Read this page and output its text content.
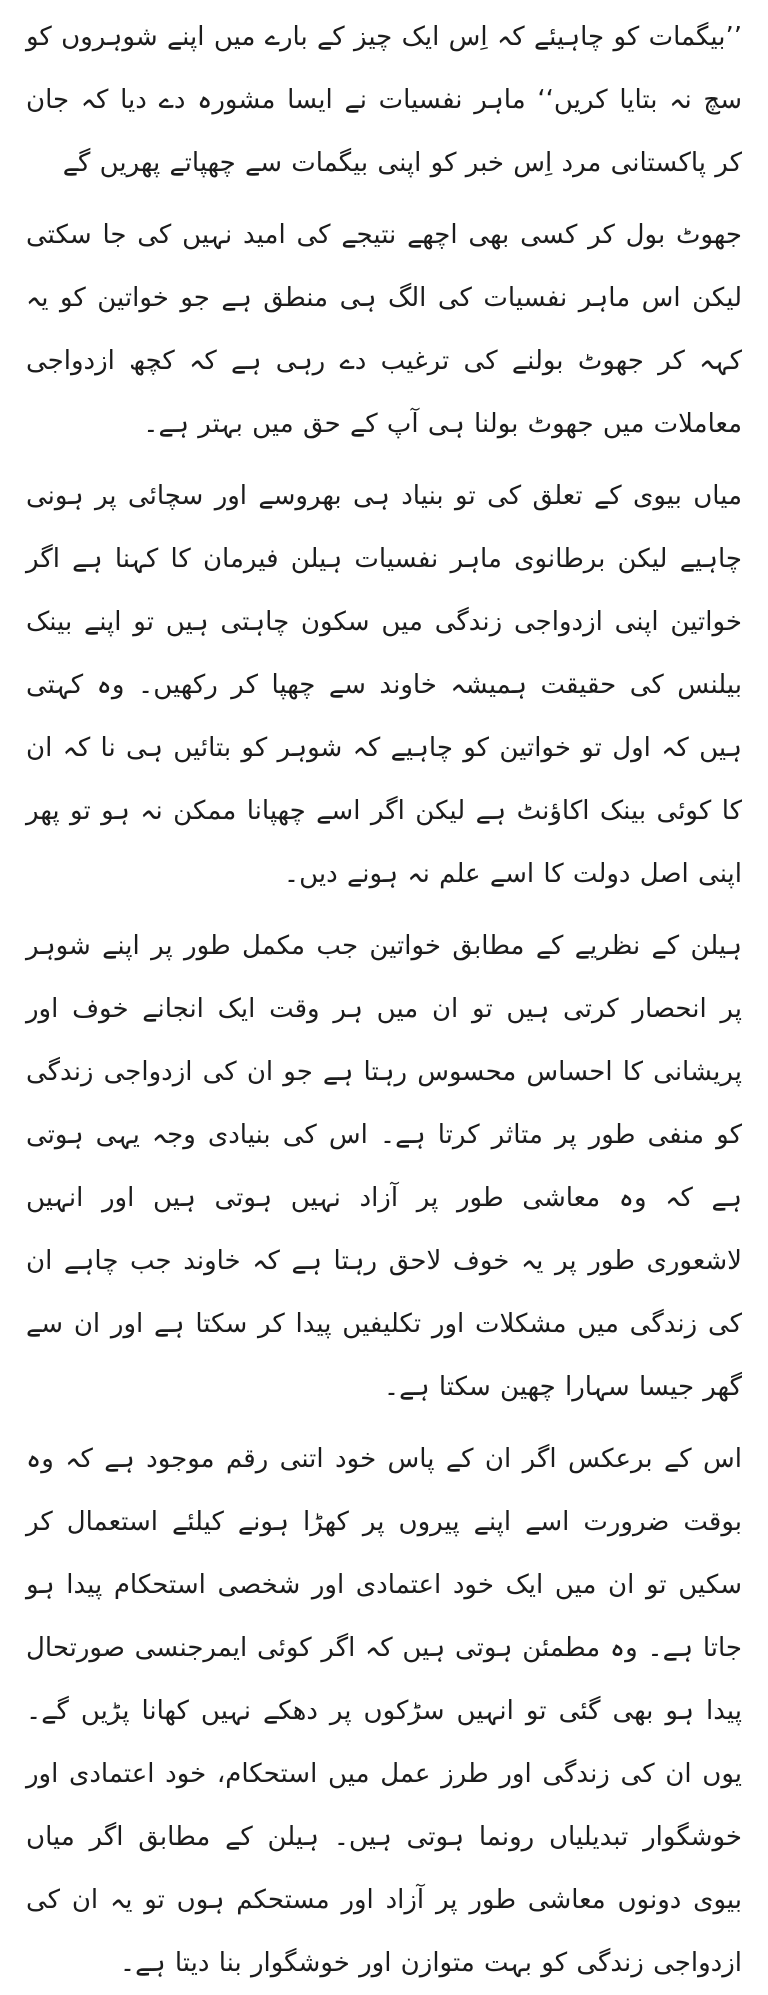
’’بیگمات کو چاہیئے کہ اِس ایک چیز کے بارے میں اپنے شوہروں کو سچ نہ بتایا کریں‘‘ ماہر نفسیات نے ایسا مشورہ دے دیا کہ جان کر پاکستانی مرد اِس خبر کو اپنی بیگمات سے چھپاتے پھریں گے

جھوٹ بول کر کسی بھی اچھے نتیجے کی امید نہیں کی جا سکتی لیکن اس ماہر نفسیات کی الگ ہی منطق ہے جو خواتین کو یہ کہہ کر جھوٹ بولنے کی ترغیب دے رہی ہے کہ کچھ ازدواجی معاملات میں جھوٹ بولنا ہی آپ کے حق میں بہتر ہے۔

میاں بیوی کے تعلق کی تو بنیاد ہی بھروسے اور سچائی پر ہونی چاہیے لیکن برطانوی ماہر نفسیات ہیلن فیرمان کا کہنا ہے اگر خواتین اپنی ازدواجی زندگی میں سکون چاہتی ہیں تو اپنے بینک بیلنس کی حقیقت ہمیشہ خاوند سے چھپا کر رکھیں۔ وہ کہتی ہیں کہ اول تو خواتین کو چاہیے کہ شوہر کو بتائیں ہی نا کہ ان کا کوئی بینک اکاؤنٹ ہے لیکن اگر اسے چھپانا ممکن نہ ہو تو پھر اپنی اصل دولت کا اسے علم نہ ہونے دیں۔

ہیلن کے نظریے کے مطابق خواتین جب مکمل طور پر اپنے شوہر پر انحصار کرتی ہیں تو ان میں ہر وقت ایک انجانے خوف اور پریشانی کا احساس محسوس رہتا ہے جو ان کی ازدواجی زندگی کو منفی طور پر متاثر کرتا ہے۔ اس کی بنیادی وجہ یہی ہوتی ہے کہ وہ معاشی طور پر آزاد نہیں ہوتی ہیں اور انہیں لاشعوری طور پر یہ خوف لاحق رہتا ہے کہ خاوند جب چاہے ان کی زندگی میں مشکلات اور تکلیفیں پیدا کر سکتا ہے اور ان سے گھر جیسا سہارا چھین سکتا ہے۔

اس کے برعکس اگر ان کے پاس خود اتنی رقم موجود ہے کہ وہ بوقت ضرورت اسے اپنے پیروں پر کھڑا ہونے کیلئے استعمال کر سکیں تو ان میں ایک خود اعتمادی اور شخصی استحکام پیدا ہو جاتا ہے۔ وہ مطمئن ہوتی ہیں کہ اگر کوئی ایمرجنسی صورتحال پیدا ہو بھی گئی تو انہیں سڑکوں پر دھکے نہیں کھانا پڑیں گے۔ یوں ان کی زندگی اور طرز عمل میں استحکام، خود اعتمادی اور خوشگوار تبدیلیاں رونما ہوتی ہیں۔ ہیلن کے مطابق اگر میاں بیوی دونوں معاشی طور پر آزاد اور مستحکم ہوں تو یہ ان کی ازدواجی زندگی کو بہت متوازن اور خوشگوار بنا دیتا ہے۔
